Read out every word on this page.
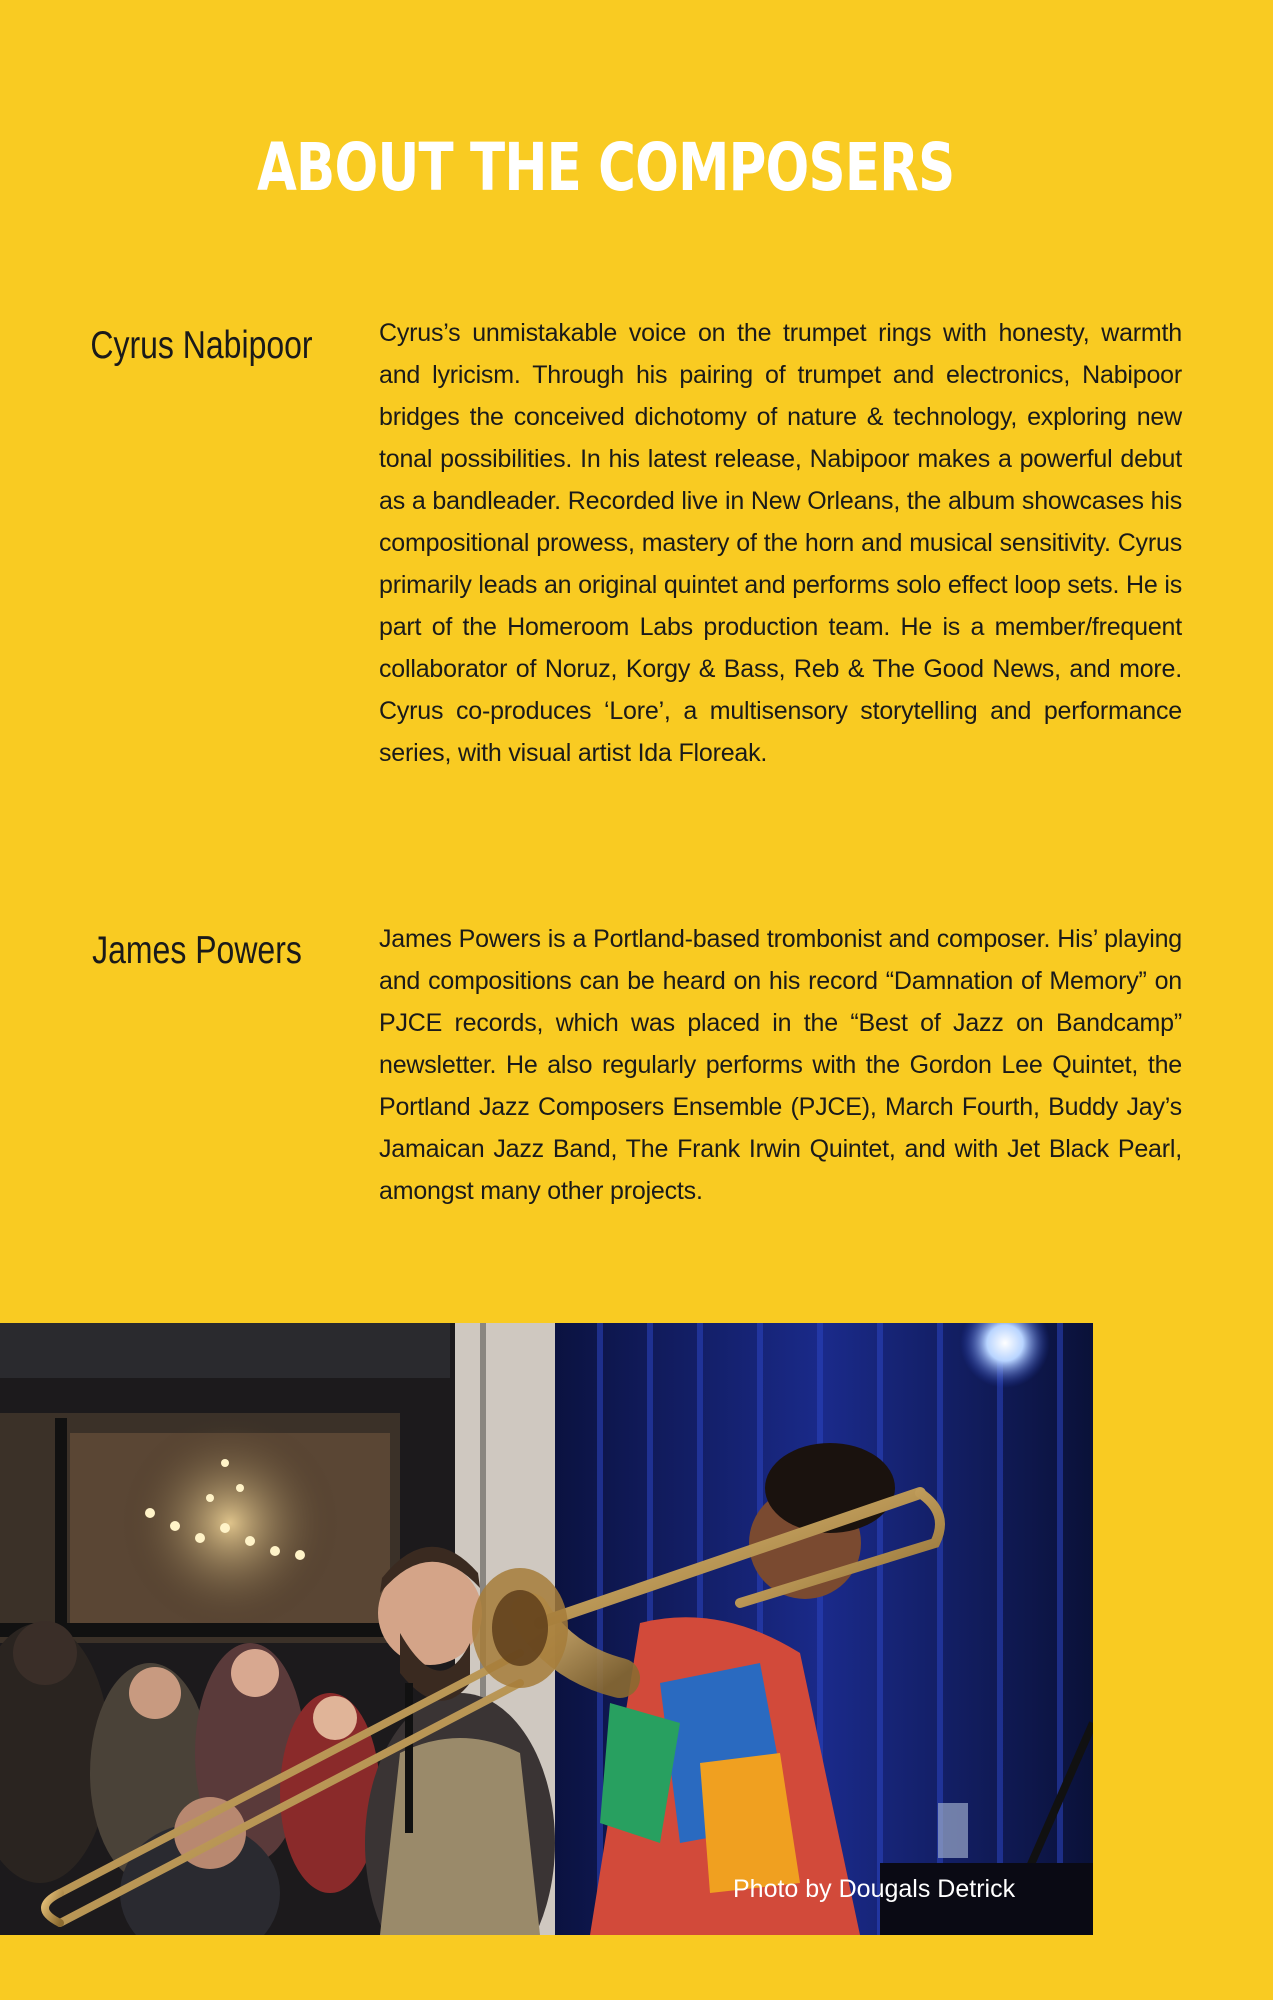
ABOUT THE COMPOSERS
Cyrus Nabipoor	Cyrus’s unmistakable voice on the trumpet rings with honesty, warmth and lyricism. Through his pairing of trumpet and electronics, Nabipoor bridges the conceived dichotomy of nature & technology, exploring new tonal possibilities. In his latest release, Nabipoor makes a powerful debut as a bandleader. Recorded live in New Orleans, the album showcases his compositional prowess, mastery of the horn and musical sensitivity. Cyrus primarily leads an original quintet and performs solo effect loop sets. He is part of the Homeroom Labs production team. He is a member/frequent collaborator of Noruz, Korgy & Bass, Reb & The Good News, and more. Cyrus co-produces ‘Lore’, a multisensory storytelling and performance series, with visual artist Ida Floreak.

James Powers	James Powers is a Portland-based trombonist and composer. His’ playing and compositions can be heard on his record “Damnation of Memory” on PJCE records, which was placed in the “Best of Jazz on Bandcamp” newsletter. He also regularly performs with the Gordon Lee Quintet, the Portland Jazz Composers Ensemble (PJCE), March Fourth, Buddy Jay’s Jamaican Jazz Band, The Frank Irwin Quintet, and with Jet Black Pearl, amongst many other projects.

Photo by Dougals Detrick
